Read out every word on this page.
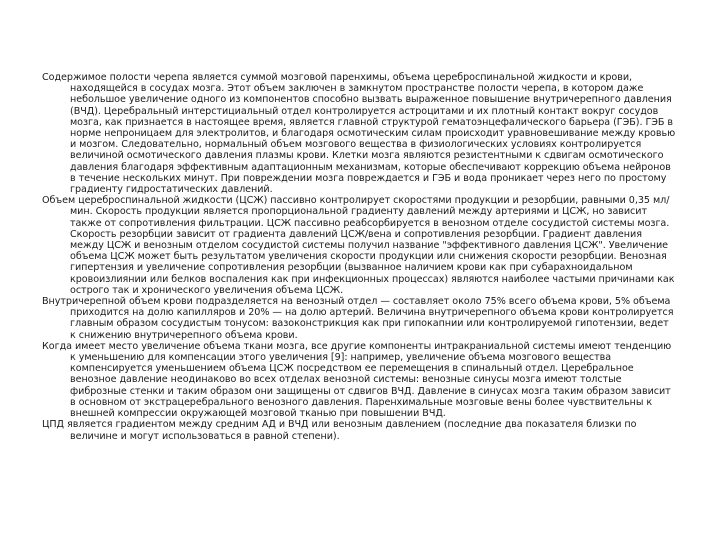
Содержимое полости черепа является суммой мозговой паренхимы, объема цереброспинальной жидкости и крови, находящейся в сосудах мозга. Этот объем заключен в замкнутом пространстве полости черепа, в котором даже небольшое увеличение одного из компонентов способно вызвать выраженное повышение внутричерепного давления (ВЧД). Церебральный интерстициальный отдел контролируется астроцитами и их плотный контакт вокруг сосудов мозга, как признается в настоящее время, является главной структурой гематоэнцефалического барьера (ГЭБ). ГЭБ в норме непроницаем для электролитов, и благодаря осмотическим силам происходит уравновешивание между кровью и мозгом. Следовательно, нормальный объем мозгового вещества в физиологических условиях контролируется величиной осмотического давления плазмы крови. Клетки мозга являются резистентными к сдвигам осмотического давления благодаря эффективным адаптационным механизмам, которые обеспечивают коррекцию объема нейронов в течение нескольких минут. При повреждении мозга повреждается и ГЭБ и вода проникает через него по простому градиенту гидростатических давлений.

Объем цереброспинальной жидкости (ЦСЖ) пассивно контролирует скоростями продукции и резорбции, равными 0,35 мл/мин. Скорость продукции является пропорциональной градиенту давлений между артериями и ЦСЖ, но зависит также от сопротивления фильтрации. ЦСЖ пассивно реабсорбируется в венозном отделе сосудистой системы мозга. Скорость резорбции зависит от градиента давлений ЦСЖ/вена и сопротивления резорбции. Градиент давления между ЦСЖ и венозным отделом сосудистой системы получил название "эффективного давления ЦСЖ". Увеличение объема ЦСЖ может быть результатом увеличения скорости продукции или снижения скорости резорбции. Венозная гипертензия и увеличение сопротивления резорбции (вызванное наличием крови как при субарахноидальном кровоизлиянии или белков воспаления как при инфекционных процессах) являются наиболее частыми причинами как острого так и хронического увеличения объема ЦСЖ.

Внутричерепной объем крови подразделяется на венозный отдел — составляет около 75% всего объема крови, 5% объема приходится на долю капилляров и 20% — на долю артерий. Величина внутричерепного объема крови контролируется главным образом сосудистым тонусом: вазоконстрикция как при гипокапнии или контролируемой гипотензии, ведет к снижению внутричерепного объема крови.

Когда имеет место увеличение объема ткани мозга, все другие компоненты интракраниальной системы имеют тенденцию к уменьшению для компенсации этого увеличения [9]: например, увеличение объема мозгового вещества компенсируется уменьшением объема ЦСЖ посредством ее перемещения в спинальный отдел. Церебральное венозное давление неодинаково во всех отделах венозной системы: венозные синусы мозга имеют толстые фиброзные стенки и таким образом они защищены от сдвигов ВЧД. Давление в синусах мозга таким образом зависит в основном от экстрацеребрального венозного давления. Паренхимальные мозговые вены более чувствительны к внешней компрессии окружающей мозговой тканью при повышении ВЧД.

ЦПД является градиентом между средним АД и ВЧД или венозным давлением (последние два показателя близки по величине и могут использоваться в равной степени).
